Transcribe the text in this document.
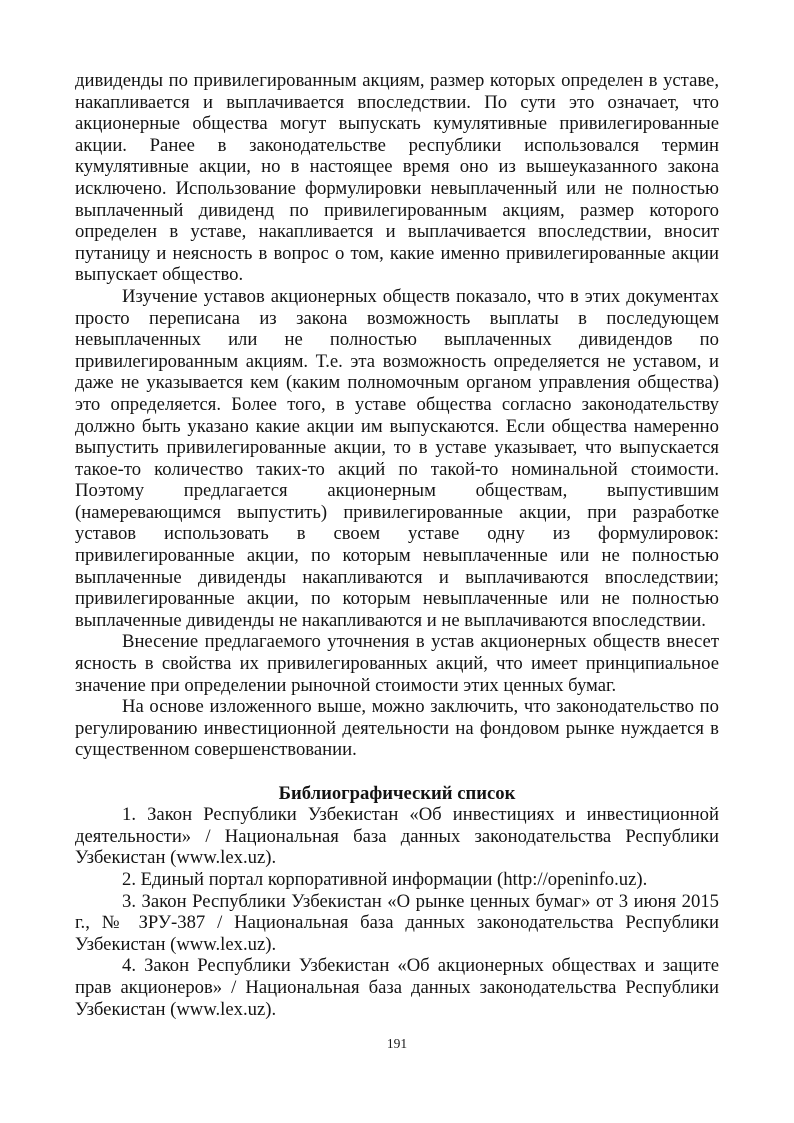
дивиденды по привилегированным акциям, размер которых определен в уставе, накапливается и выплачивается впоследствии. По сути это означает, что акционерные общества могут выпускать кумулятивные привилегированные акции. Ранее в законодательстве республики использовался термин кумулятивные акции, но в настоящее время оно из вышеуказанного закона исключено. Использование формулировки невыплаченный или не полностью выплаченный дивиденд по привилегированным акциям, размер которого определен в уставе, накапливается и выплачивается впоследствии, вносит путаницу и неясность в вопрос о том, какие именно привилегированные акции выпускает общество.

Изучение уставов акционерных обществ показало, что в этих документах просто переписана из закона возможность выплаты в последующем невыплаченных или не полностью выплаченных дивидендов по привилегированным акциям. Т.е. эта возможность определяется не уставом, и даже не указывается кем (каким полномочным органом управления общества) это определяется. Более того, в уставе общества согласно законодательству должно быть указано какие акции им выпускаются. Если общества намеренно выпустить привилегированные акции, то в уставе указывает, что выпускается такое-то количество таких-то акций по такой-то номинальной стоимости. Поэтому предлагается акционерным обществам, выпустившим (намеревающимся выпустить) привилегированные акции, при разработке уставов использовать в своем уставе одну из формулировок: привилегированные акции, по которым невыплаченные или не полностью выплаченные дивиденды накапливаются и выплачиваются впоследствии; привилегированные акции, по которым невыплаченные или не полностью выплаченные дивиденды не накапливаются и не выплачиваются впоследствии.

Внесение предлагаемого уточнения в устав акционерных обществ внесет ясность в свойства их привилегированных акций, что имеет принципиальное значение при определении рыночной стоимости этих ценных бумаг.

На основе изложенного выше, можно заключить, что законодательство по регулированию инвестиционной деятельности на фондовом рынке нуждается в существенном совершенствовании.

Библиографический список

1. Закон Республики Узбекистан «Об инвестициях и инвестиционной деятельности» / Национальная база данных законодательства Республики Узбекистан (www.lex.uz).

2. Единый портал корпоративной информации (http://openinfo.uz).

3. Закон Республики Узбекистан «О рынке ценных бумаг» от 3 июня 2015 г., № ЗРУ-387 / Национальная база данных законодательства Республики Узбекистан (www.lex.uz).

4. Закон Республики Узбекистан «Об акционерных обществах и защите прав акционеров» / Национальная база данных законодательства Республики Узбекистан (www.lex.uz).

191
